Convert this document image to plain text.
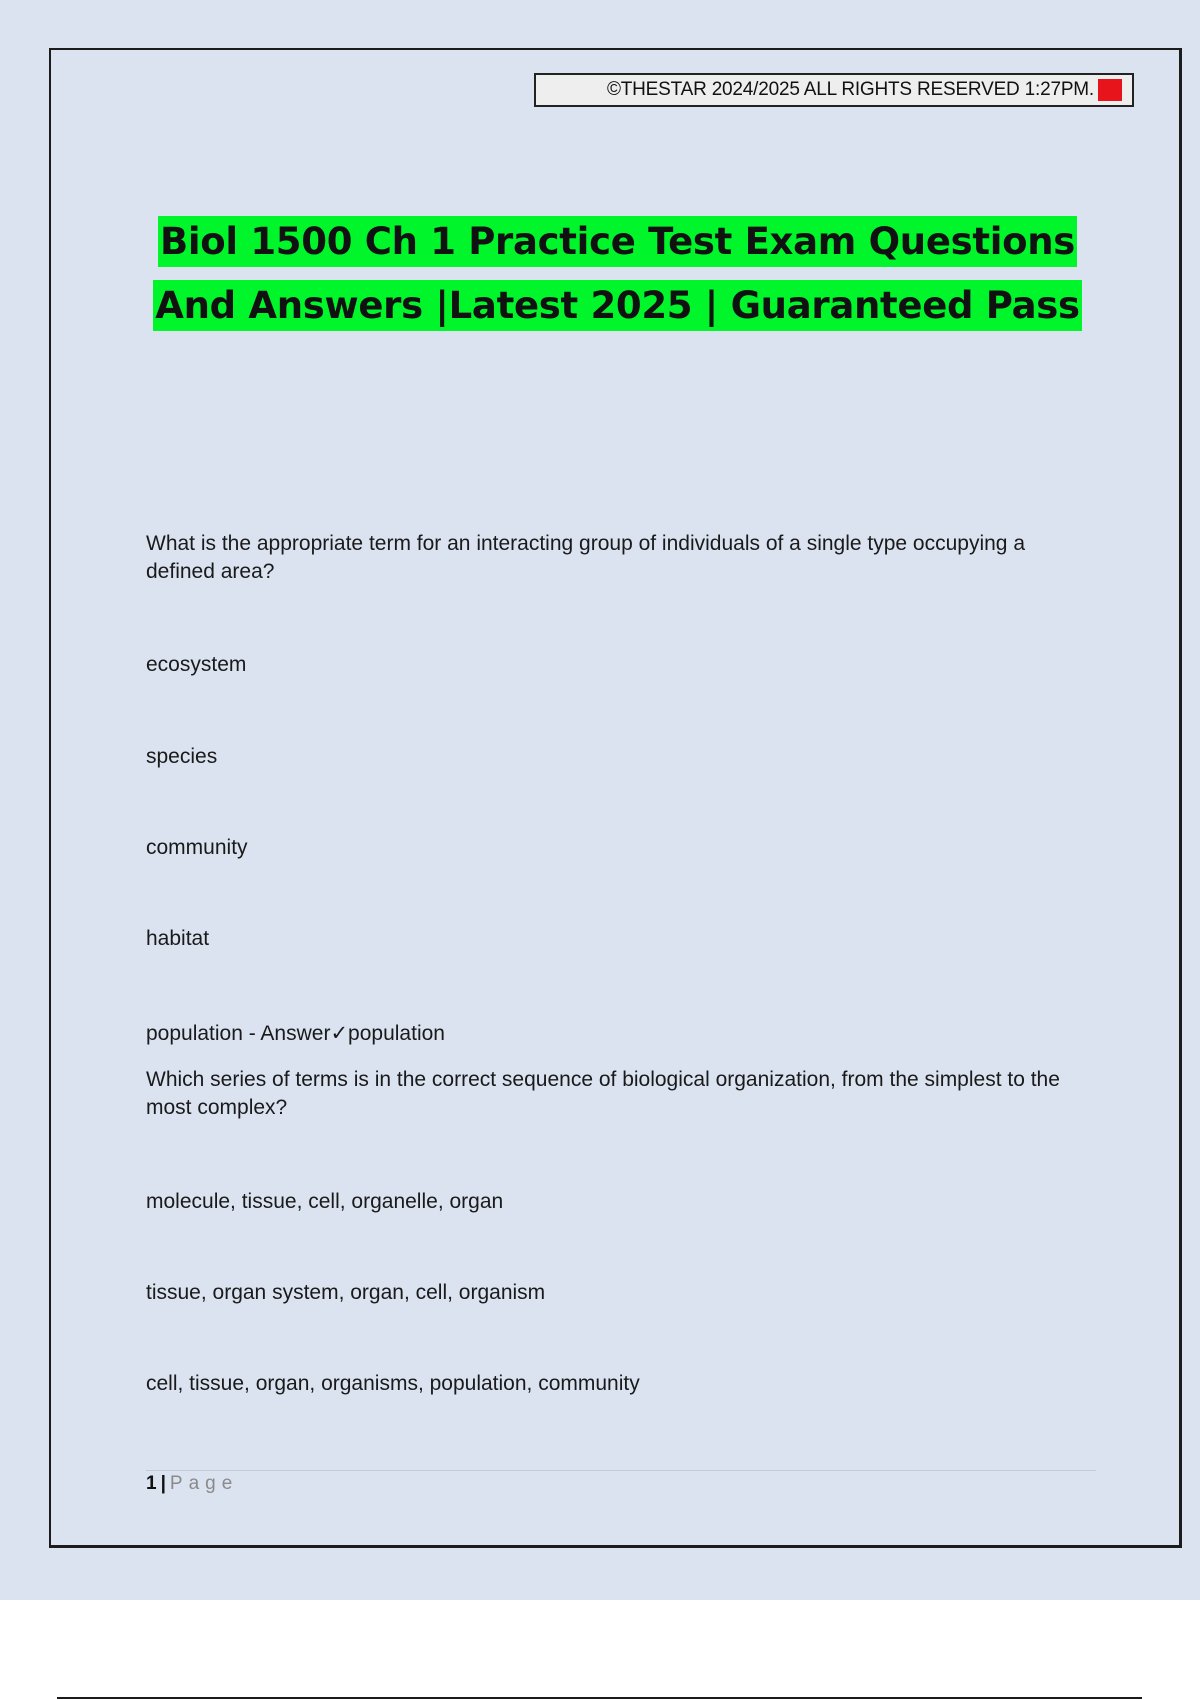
©THESTAR 2024/2025 ALL RIGHTS RESERVED 1:27PM.
Biol 1500 Ch 1 Practice Test Exam Questions
And Answers |Latest 2025 | Guaranteed Pass
What is the appropriate term for an interacting group of individuals of a single type occupying a defined area?
ecosystem
species
community
habitat
population - Answer✓population
Which series of terms is in the correct sequence of biological organization, from the simplest to the most complex?
molecule, tissue, cell, organelle, organ
tissue, organ system, organ, cell, organism
cell, tissue, organ, organisms, population, community
1 | Page
